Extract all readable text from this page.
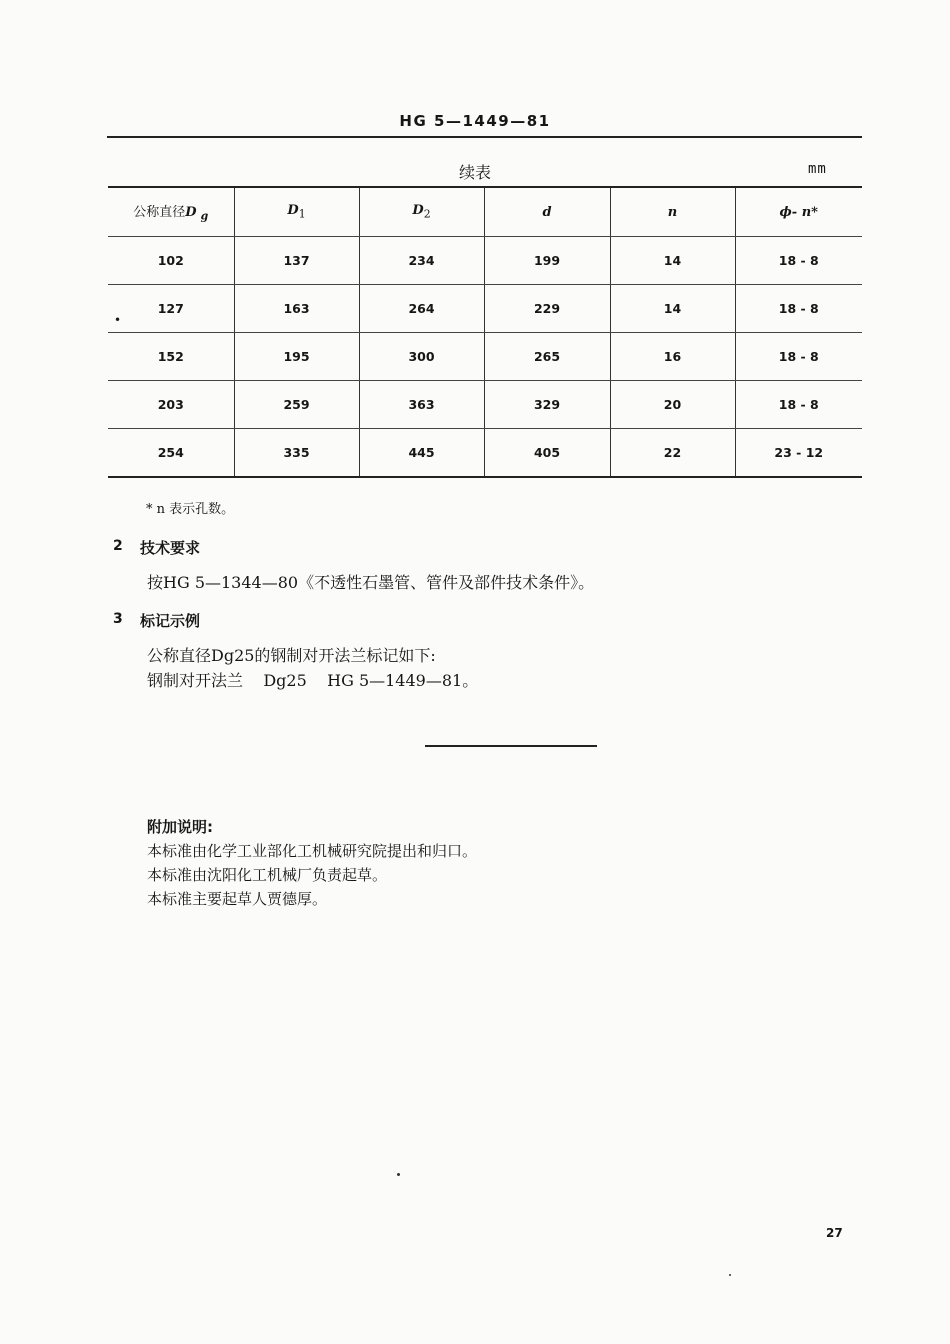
HG 5—1449—81
续表	mm
公称直径D $_g$	$D_1$	$D_2$	d	n	ϕ- n*
102	137	234	199	14	18 - 8
127	163	264	229	14	18 - 8
152	195	300	265	16	18 - 8
203	259	363	329	20	18 - 8
254	335	445	405	22	23 - 12
•
* n 表示孔数。
2 技术要求
按HG 5—1344—80《不透性石墨管、管件及部件技术条件》。
3 标记示例
公称直径Dg25的钢制对开法兰标记如下:
钢制对开法兰    Dg25    HG 5—1449—81。
附加说明:
本标准由化学工业部化工机械研究院提出和归口。
本标准由沈阳化工机械厂负责起草。
本标准主要起草人贾德厚。
27
